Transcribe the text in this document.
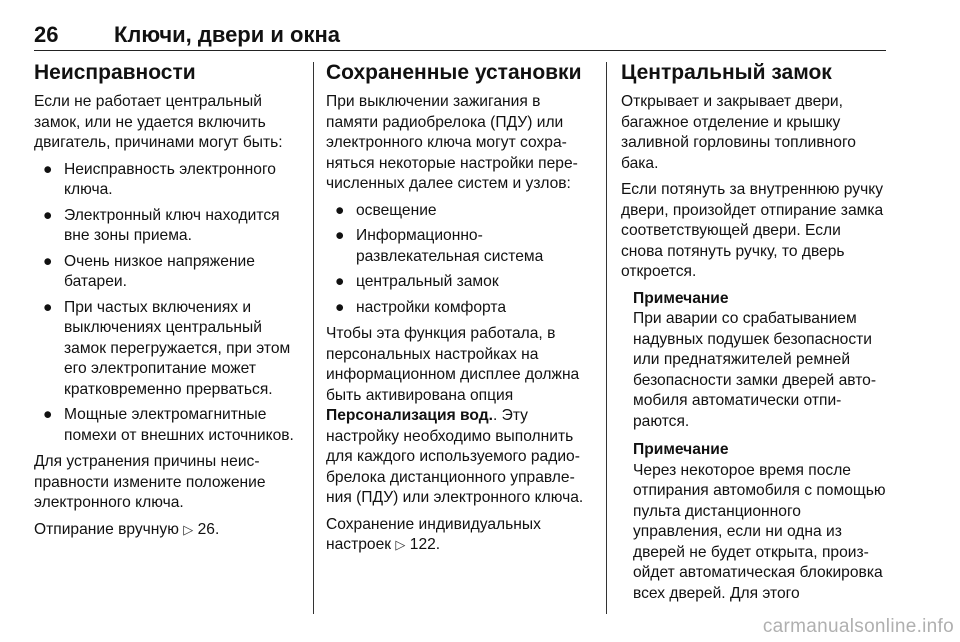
26	Ключи, двери и окна
Неисправности

Если не работает центральный замок, или не удается включить двигатель, причинами могут быть:

● Неисправность электронного ключа.
● Электронный ключ находится вне зоны приема.
● Очень низкое напряжение батареи.
● При частых включениях и выключениях центральный замок перегружается, при этом его электропитание может кратковременно прерваться.
● Мощные электромагнитные помехи от внешних источников.

Для устранения причины неисправности измените положение электронного ключа.

Отпирание вручную ▷ 26.

Сохраненные установки

При выключении зажигания в памяти радиобрелока (ПДУ) или электронного ключа могут сохраняться некоторые настройки перечисленных далее систем и узлов:

● освещение
● Информационно-развлекательная система
● центральный замок
● настройки комфорта

Чтобы эта функция работала, в персональных настройках на информационном дисплее должна быть активирована опция Персонализация вод.. Эту настройку необходимо выполнить для каждого используемого радиобрелока дистанционного управления (ПДУ) или электронного ключа.

Сохранение индивидуальных настроек ▷ 122.

Центральный замок

Открывает и закрывает двери, багажное отделение и крышку заливной горловины топливного бака.

Если потянуть за внутреннюю ручку двери, произойдет отпирание замка соответствующей двери. Если снова потянуть ручку, то дверь откроется.

Примечание

При аварии со срабатыванием надувных подушек безопасности или преднатяжителей ремней безопасности замки дверей автомобиля автоматически отпираются.

Примечание

Через некоторое время после отпирания автомобиля с помощью пульта дистанционного управления, если ни одна из дверей не будет открыта, произойдет автоматическая блокировка всех дверей. Для этого

carmanualsonline.info
